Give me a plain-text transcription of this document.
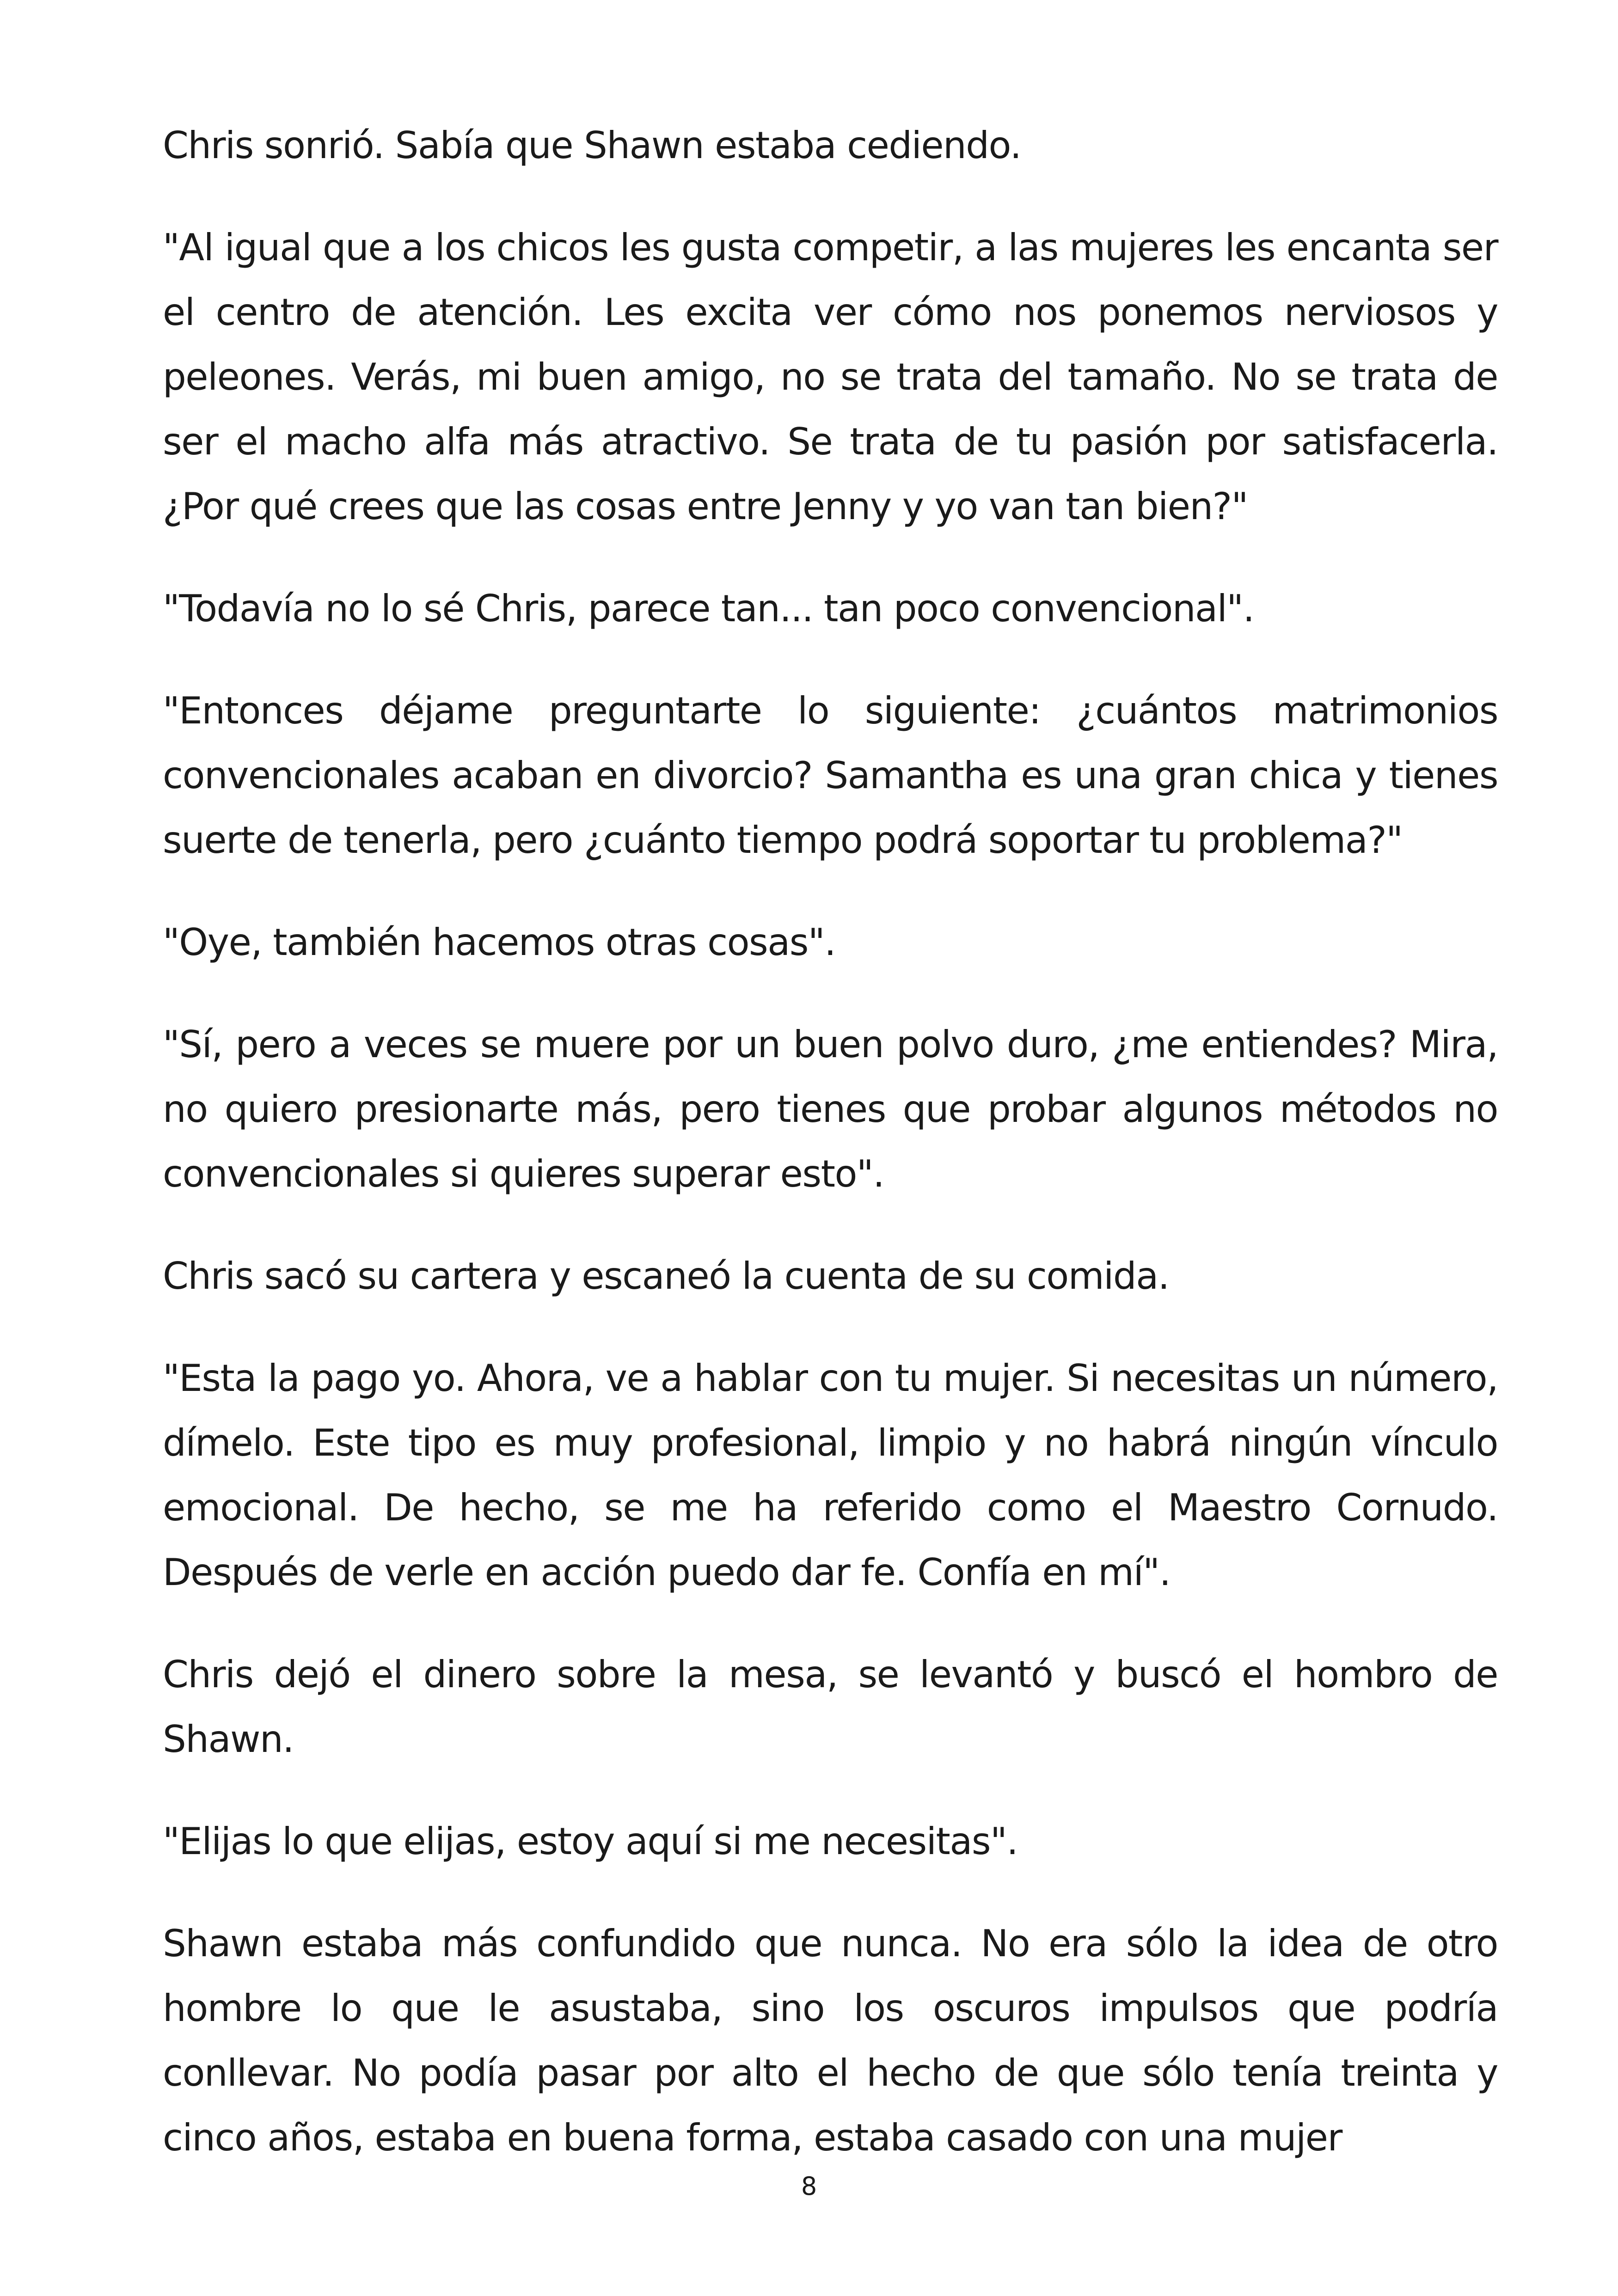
Chris sonrió. Sabía que Shawn estaba cediendo.

"Al igual que a los chicos les gusta competir, a las mujeres les encanta ser el centro de atención. Les excita ver cómo nos ponemos nerviosos y peleones. Verás, mi buen amigo, no se trata del tamaño. No se trata de ser el macho alfa más atractivo. Se trata de tu pasión por satisfacerla. ¿Por qué crees que las cosas entre Jenny y yo van tan bien?"

"Todavía no lo sé Chris, parece tan... tan poco convencional".

"Entonces déjame preguntarte lo siguiente: ¿cuántos matrimonios convencionales acaban en divorcio? Samantha es una gran chica y tienes suerte de tenerla, pero ¿cuánto tiempo podrá soportar tu problema?"

"Oye, también hacemos otras cosas".

"Sí, pero a veces se muere por un buen polvo duro, ¿me entiendes? Mira, no quiero presionarte más, pero tienes que probar algunos métodos no convencionales si quieres superar esto".

Chris sacó su cartera y escaneó la cuenta de su comida.

"Esta la pago yo. Ahora, ve a hablar con tu mujer. Si necesitas un número, dímelo. Este tipo es muy profesional, limpio y no habrá ningún vínculo emocional. De hecho, se me ha referido como el Maestro Cornudo. Después de verle en acción puedo dar fe. Confía en mí".

Chris dejó el dinero sobre la mesa, se levantó y buscó el hombro de Shawn.

"Elijas lo que elijas, estoy aquí si me necesitas".

Shawn estaba más confundido que nunca. No era sólo la idea de otro hombre lo que le asustaba, sino los oscuros impulsos que podría conllevar. No podía pasar por alto el hecho de que sólo tenía treinta y cinco años, estaba en buena forma, estaba casado con una mujer

8
